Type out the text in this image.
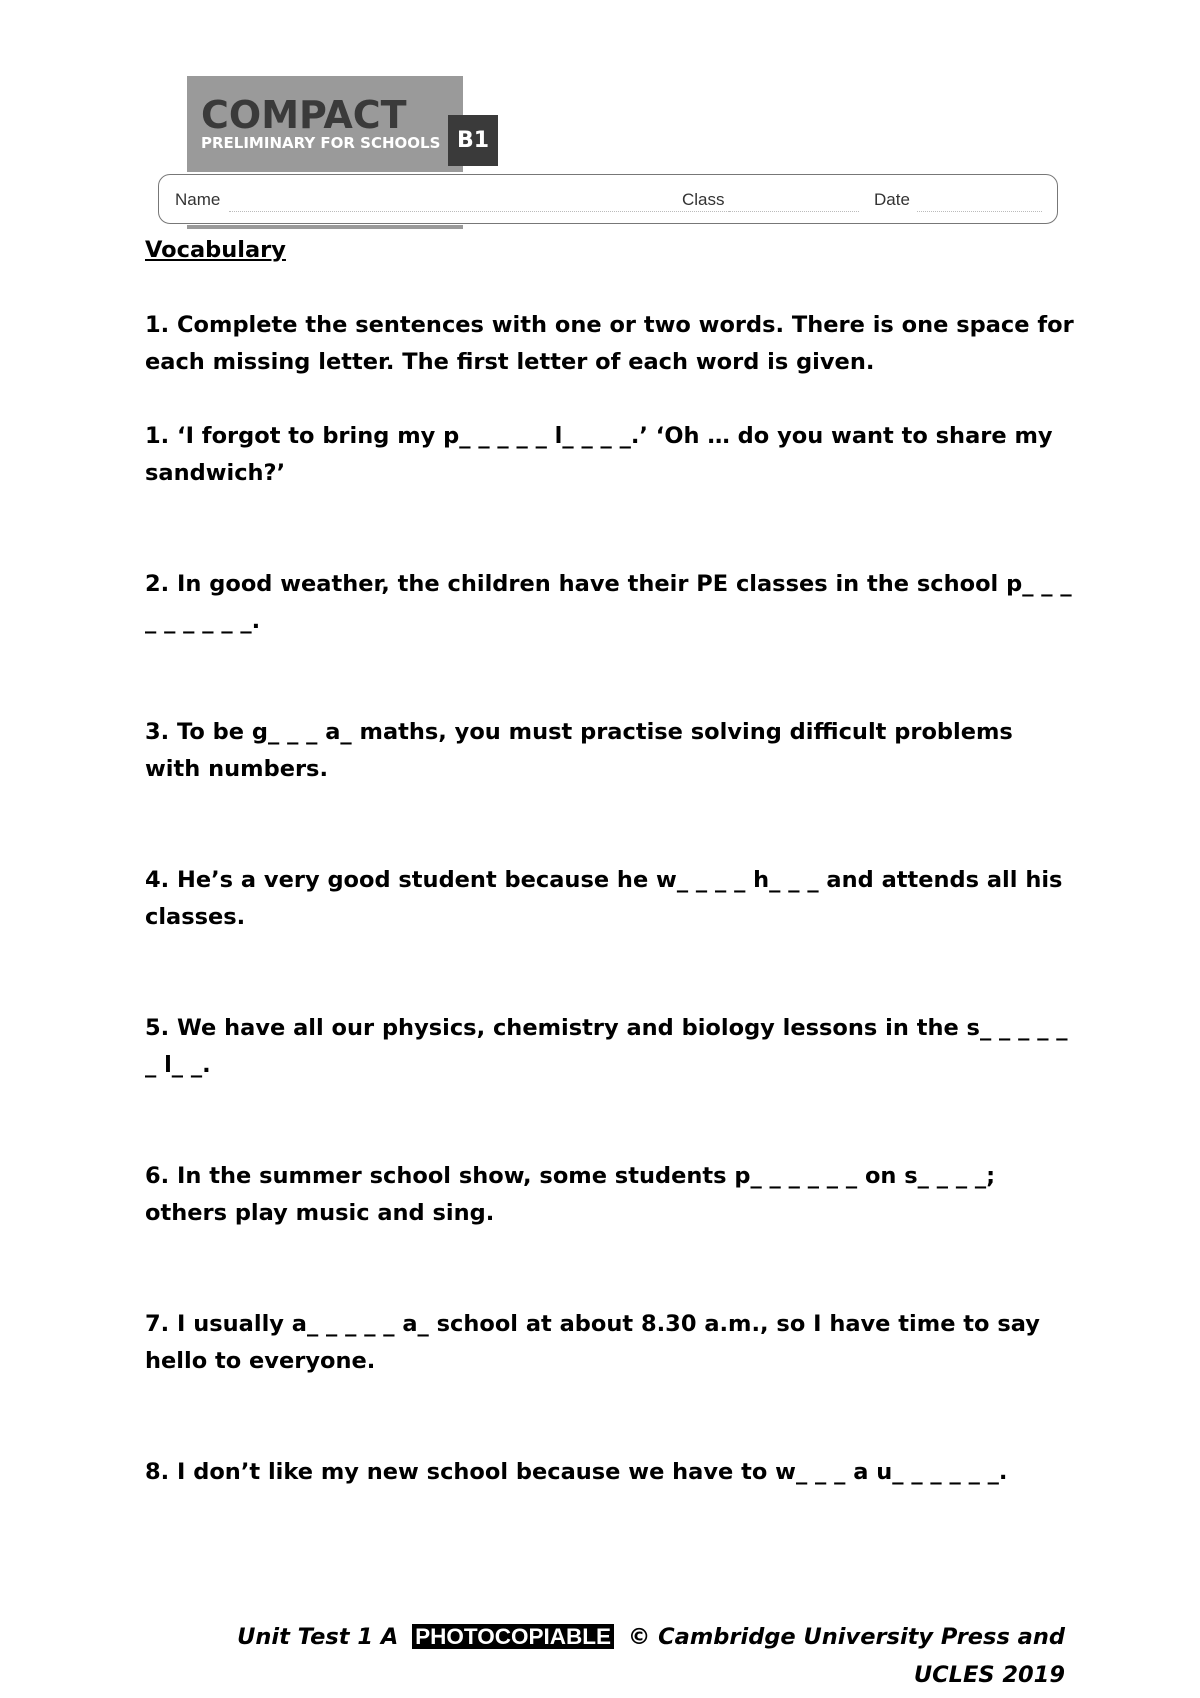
COMPACT
PRELIMINARY FOR SCHOOLS B1
Name	Class	Date

Vocabulary

1. Complete the sentences with one or two words. There is one space for each missing letter. The first letter of each word is given.

1. ‘I forgot to bring my p_ _ _ _ _ l_ _ _ _.’ ‘Oh … do you want to share my sandwich?’

2. In good weather, the children have their PE classes in the school p_ _ _ _ _ _ _ _ _.

3. To be g_ _ _ a_ maths, you must practise solving difficult problems with numbers.

4. He’s a very good student because he w_ _ _ _ h_ _ _ and attends all his classes.

5. We have all our physics, chemistry and biology lessons in the s_ _ _ _ _ _ l_ _.

6. In the summer school show, some students p_ _ _ _ _ _ on s_ _ _ _; others play music and sing.

7. I usually a_ _ _ _ _ a_ school at about 8.30 a.m., so I have time to say hello to everyone.

8. I don’t like my new school because we have to w_ _ _ a u_ _ _ _ _ _.

Unit Test 1 A PHOTOCOPIABLE © Cambridge University Press and
UCLES 2019
